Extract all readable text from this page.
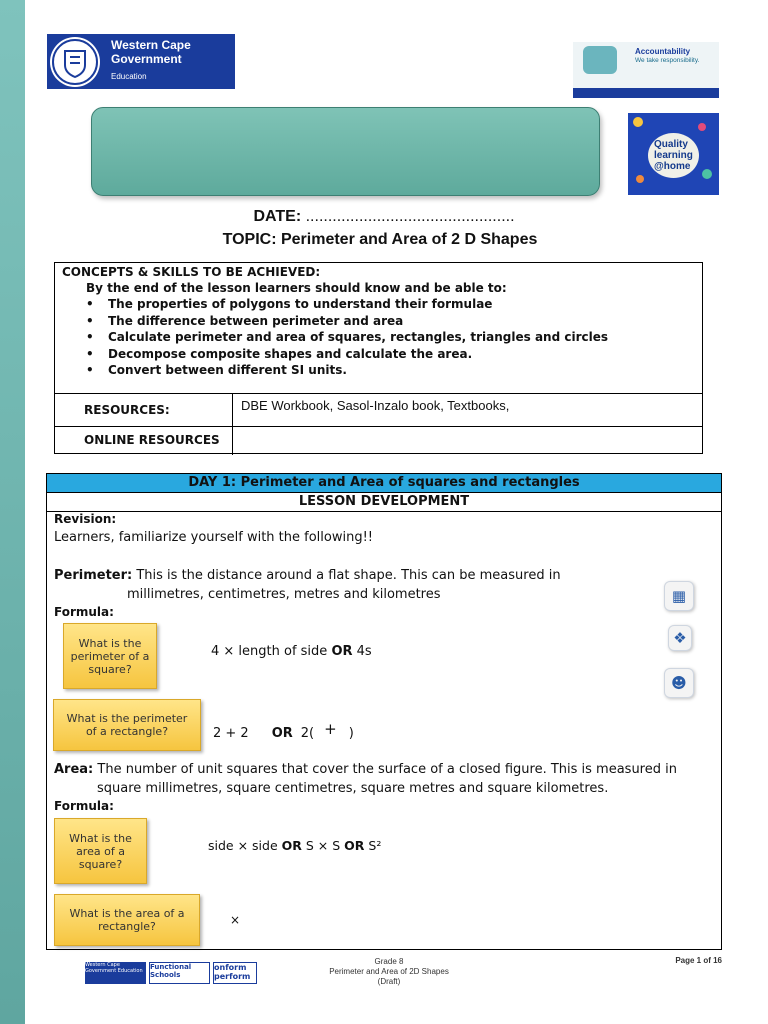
Western Cape
Government
Education
Accountability
We take responsibility.
Quality
learning
@home
DATE: ...............................................
TOPIC: Perimeter and Area of 2 D Shapes
CONCEPTS & SKILLS TO BE ACHIEVED:
By the end of the lesson learners should know and be able to:
• The properties of polygons to understand their formulae
• The difference between perimeter and area
• Calculate perimeter and area of squares, rectangles, triangles and circles
• Decompose composite shapes and calculate the area.
• Convert between different SI units.
RESOURCES:	DBE Workbook, Sasol-Inzalo book, Textbooks,
ONLINE RESOURCES
DAY 1: Perimeter and Area of squares and rectangles
LESSON DEVELOPMENT
Revision:
Learners, familiarize yourself with the following!!
Perimeter: This is the distance around a flat shape. This can be measured in
millimetres, centimetres, metres and kilometres
Formula:
What is the perimeter of a square?
4 × length of side OR 4s
What is the perimeter of a rectangle?	2 + 2 OR 2( + )
Area: The number of unit squares that cover the surface of a closed figure. This is measured in
square millimetres, square centimetres, square metres and square kilometres.
Formula:
What is the area of a square?
side × side OR S × S OR S²
What is the area of a rectangle?	×
▦
❖
☻
Western Cape Government Education	Functional Schools
onform perform
Grade 8
Perimeter and Area of 2D Shapes
(Draft)
Page 1 of 16
